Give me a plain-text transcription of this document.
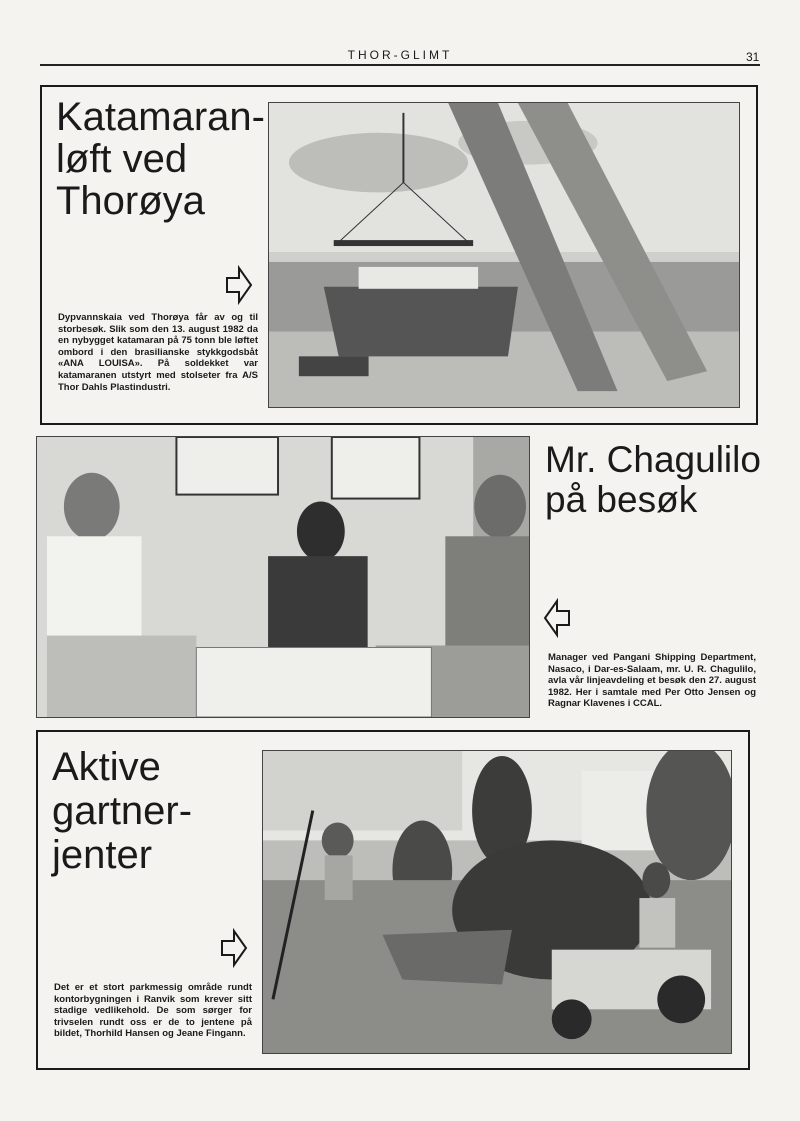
THOR-GLIMT	31
Katamaran-
løft ved
Thorøya
Dypvannskaia ved Thorøya får av og til storbesøk. Slik som den 13. august 1982 da en nybygget katamaran på 75 tonn ble løftet ombord i den brasilianske stykkgodsbåt «ANA LOUISA». På soldekket var katamaranen utstyrt med stolseter fra A/S Thor Dahls Plastindustri.
Mr. Chagulilo
på besøk
Manager ved Pangani Shipping Department, Nasaco, i Dar-es-Salaam, mr. U. R. Chagulilo, avla vår linjeavdeling et besøk den 27. august 1982. Her i samtale med Per Otto Jensen og Ragnar Klavenes i CCAL.
Aktive
gartner-
jenter
Det er et stort parkmessig område rundt kontorbygningen i Ranvik som krever sitt stadige vedlikehold. De som sørger for trivselen rundt oss er de to jentene på bildet, Thorhild Hansen og Jeane Fingann.
